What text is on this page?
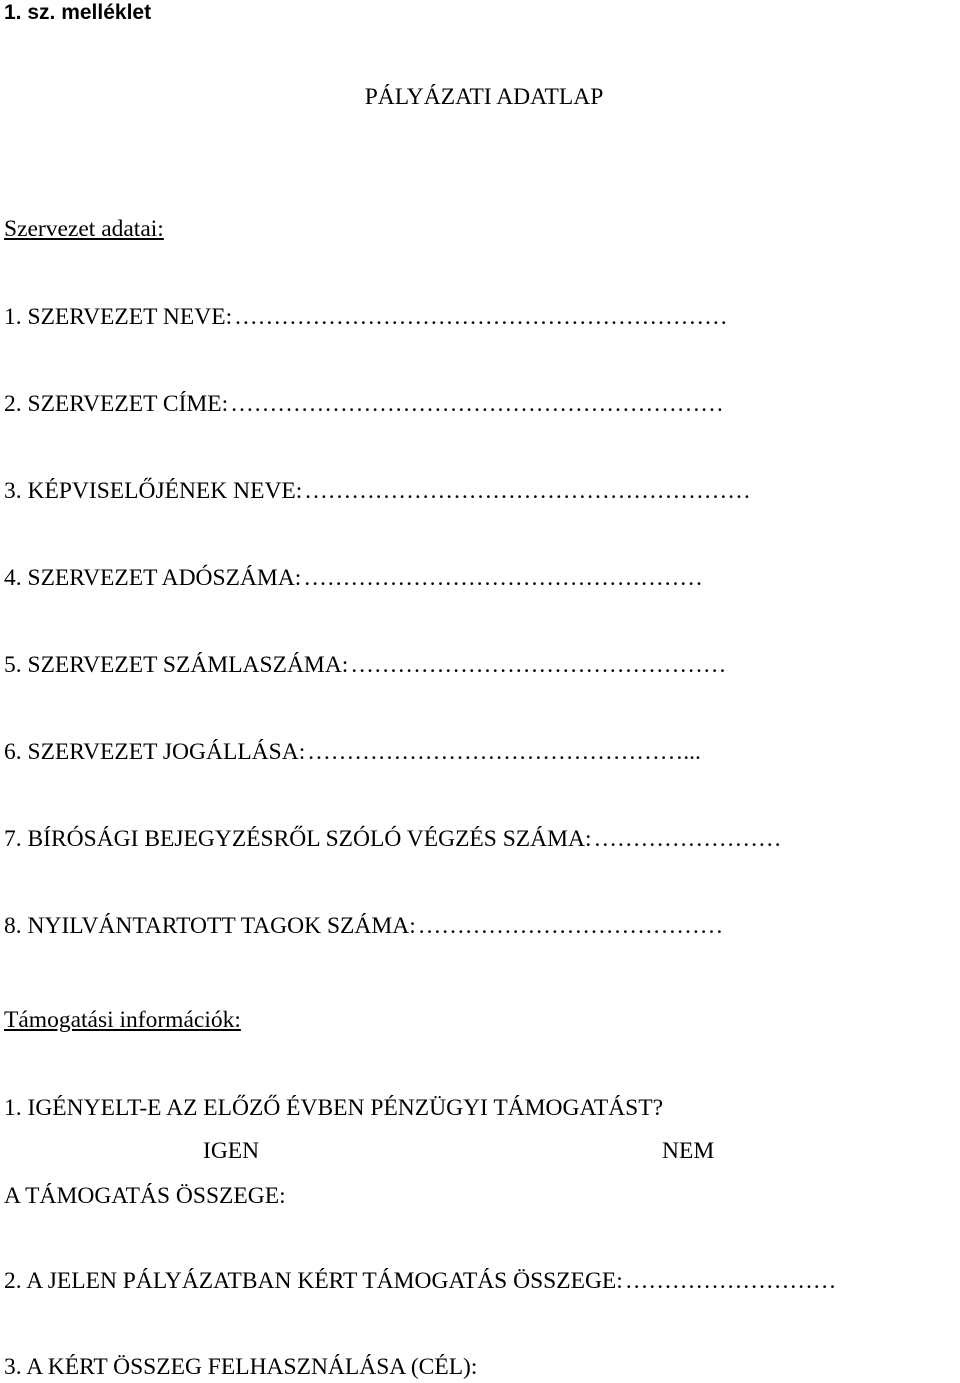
1. sz. melléklet
PÁLYÁZATI ADATLAP
Szervezet adatai:
1. SZERVEZET NEVE: ………………………………………………………
2. SZERVEZET CÍME: ………………………………………………………
3. KÉPVISELŐJÉNEK NEVE: …………………………………………………
4. SZERVEZET ADÓSZÁMA: ……………………………………………
5. SZERVEZET SZÁMLASZÁMA: …………………………………………
6. SZERVEZET JOGÁLLÁSA: …………………………………………...
7. BÍRÓSÁGI BEJEGYZÉSRŐL SZÓLÓ VÉGZÉS SZÁMA: ……………………
8. NYILVÁNTARTOTT TAGOK SZÁMA: …………………………………
Támogatási információk:
1. IGÉNYELT-E AZ ELŐZŐ ÉVBEN PÉNZÜGYI TÁMOGATÁST?
IGEN	NEM
A TÁMOGATÁS ÖSSZEGE:
2. A JELEN PÁLYÁZATBAN KÉRT TÁMOGATÁS ÖSSZEGE: ………………………
3. A KÉRT ÖSSZEG FELHASZNÁLÁSA (CÉL):
